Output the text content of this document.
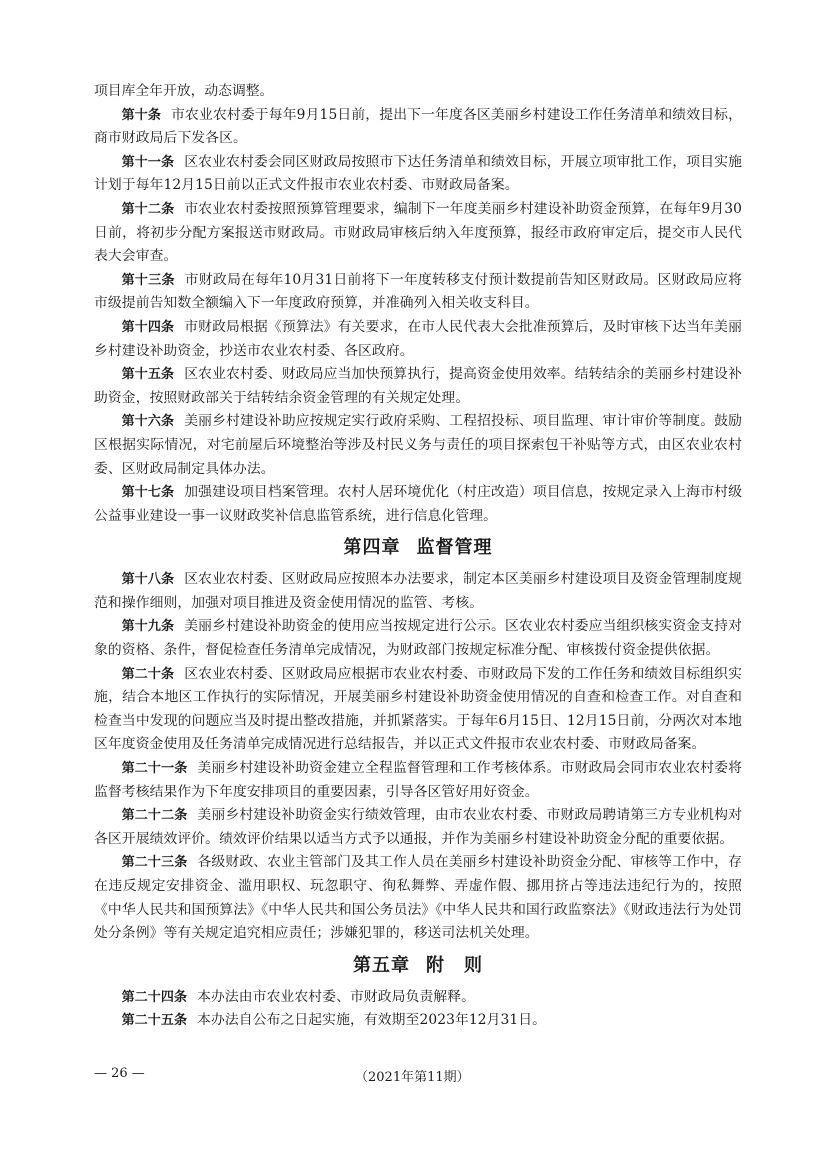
项目库全年开放，动态调整。

第十条 市农业农村委于每年9月15日前，提出下一年度各区美丽乡村建设工作任务清单和绩效目标，商市财政局后下发各区。

第十一条 区农业农村委会同区财政局按照市下达任务清单和绩效目标，开展立项审批工作，项目实施计划于每年12月15日前以正式文件报市农业农村委、市财政局备案。

第十二条 市农业农村委按照预算管理要求，编制下一年度美丽乡村建设补助资金预算，在每年9月30日前，将初步分配方案报送市财政局。市财政局审核后纳入年度预算，报经市政府审定后，提交市人民代表大会审查。

第十三条 市财政局在每年10月31日前将下一年度转移支付预计数提前告知区财政局。区财政局应将市级提前告知数全额编入下一年度政府预算，并准确列入相关收支科目。

第十四条 市财政局根据《预算法》有关要求，在市人民代表大会批准预算后，及时审核下达当年美丽乡村建设补助资金，抄送市农业农村委、各区政府。

第十五条 区农业农村委、财政局应当加快预算执行，提高资金使用效率。结转结余的美丽乡村建设补助资金，按照财政部关于结转结余资金管理的有关规定处理。

第十六条 美丽乡村建设补助应按规定实行政府采购、工程招投标、项目监理、审计审价等制度。鼓励区根据实际情况，对宅前屋后环境整治等涉及村民义务与责任的项目探索包干补贴等方式，由区农业农村委、区财政局制定具体办法。

第十七条 加强建设项目档案管理。农村人居环境优化（村庄改造）项目信息，按规定录入上海市村级公益事业建设一事一议财政奖补信息监管系统，进行信息化管理。

第四章 监督管理

第十八条 区农业农村委、区财政局应按照本办法要求，制定本区美丽乡村建设项目及资金管理制度规范和操作细则，加强对项目推进及资金使用情况的监管、考核。

第十九条 美丽乡村建设补助资金的使用应当按规定进行公示。区农业农村委应当组织核实资金支持对象的资格、条件，督促检查任务清单完成情况，为财政部门按规定标准分配、审核拨付资金提供依据。

第二十条 区农业农村委、区财政局应根据市农业农村委、市财政局下发的工作任务和绩效目标组织实施，结合本地区工作执行的实际情况，开展美丽乡村建设补助资金使用情况的自查和检查工作。对自查和检查当中发现的问题应当及时提出整改措施，并抓紧落实。于每年6月15日、12月15日前，分两次对本地区年度资金使用及任务清单完成情况进行总结报告，并以正式文件报市农业农村委、市财政局备案。

第二十一条 美丽乡村建设补助资金建立全程监督管理和工作考核体系。市财政局会同市农业农村委将监督考核结果作为下年度安排项目的重要因素，引导各区管好用好资金。

第二十二条 美丽乡村建设补助资金实行绩效管理，由市农业农村委、市财政局聘请第三方专业机构对各区开展绩效评价。绩效评价结果以适当方式予以通报，并作为美丽乡村建设补助资金分配的重要依据。

第二十三条 各级财政、农业主管部门及其工作人员在美丽乡村建设补助资金分配、审核等工作中，存在违反规定安排资金、滥用职权、玩忽职守、徇私舞弊、弄虚作假、挪用挤占等违法违纪行为的，按照《中华人民共和国预算法》《中华人民共和国公务员法》《中华人民共和国行政监察法》《财政违法行为处罚处分条例》等有关规定追究相应责任；涉嫌犯罪的，移送司法机关处理。

第五章 附　则

第二十四条 本办法由市农业农村委、市财政局负责解释。

第二十五条 本办法自公布之日起实施，有效期至2023年12月31日。

— 26 —	（2021年第11期）
